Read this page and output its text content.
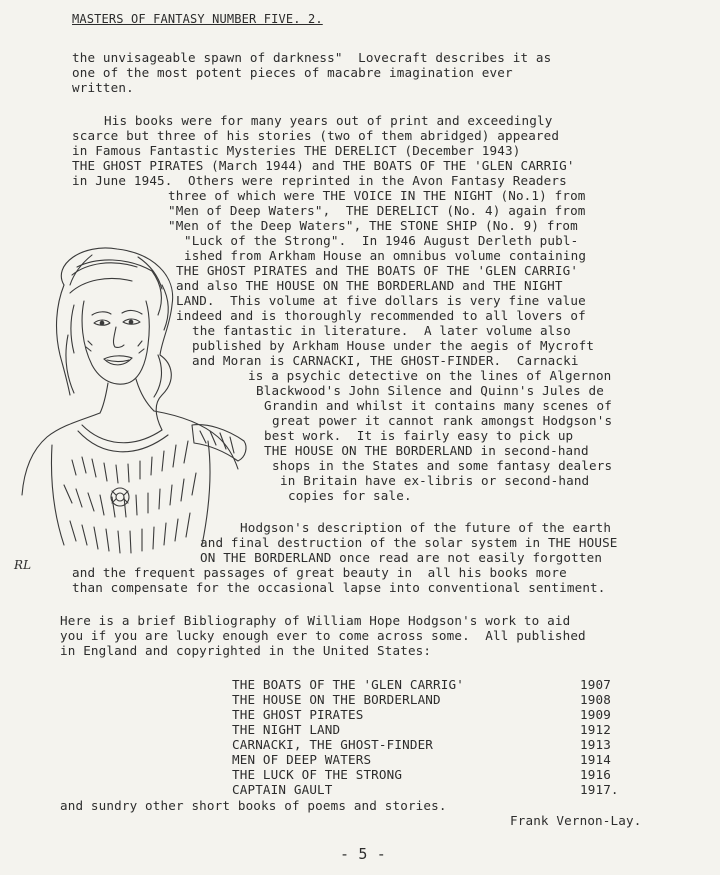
MASTERS OF FANTASY NUMBER FIVE. 2.
the unvisageable spawn of darkness"  Lovecraft describes it as
one of the most potent pieces of macabre imagination ever
written.
His books were for many years out of print and exceedingly
scarce but three of his stories (two of them abridged) appeared
in Famous Fantastic Mysteries THE DERELICT (December 1943)
THE GHOST PIRATES (March 1944) and THE BOATS OF THE 'GLEN CARRIG'
in June 1945.  Others were reprinted in the Avon Fantasy Readers
three of which were THE VOICE IN THE NIGHT (No.1) from
"Men of Deep Waters",  THE DERELICT (No. 4) again from
"Men of the Deep Waters", THE STONE SHIP (No. 9) from
"Luck of the Strong".  In 1946 August Derleth publ-
ished from Arkham House an omnibus volume containing
THE GHOST PIRATES and THE BOATS OF THE 'GLEN CARRIG'
and also THE HOUSE ON THE BORDERLAND and THE NIGHT
LAND.  This volume at five dollars is very fine value
indeed and is thoroughly recommended to all lovers of
the fantastic in literature.  A later volume also
published by Arkham House under the aegis of Mycroft
and Moran is CARNACKI, THE GHOST-FINDER.  Carnacki
is a psychic detective on the lines of Algernon
Blackwood's John Silence and Quinn's Jules de
Grandin and whilst it contains many scenes of
great power it cannot rank amongst Hodgson's
best work.  It is fairly easy to pick up
THE HOUSE ON THE BORDERLAND in second-hand
shops in the States and some fantasy dealers
in Britain have ex-libris or second-hand
copies for sale.
Hodgson's description of the future of the earth
and final destruction of the solar system in THE HOUSE
ON THE BORDERLAND once read are not easily forgotten
and the frequent passages of great beauty in  all his books more
than compensate for the occasional lapse into conventional sentiment.
Here is a brief Bibliography of William Hope Hodgson's work to aid
you if you are lucky enough ever to come across some.  All published
in England and copyrighted in the United States:
THE BOATS OF THE 'GLEN CARRIG'	1907
THE HOUSE ON THE BORDERLAND	1908
THE GHOST PIRATES	1909
THE NIGHT LAND	1912
CARNACKI, THE GHOST-FINDER	1913
MEN OF DEEP WATERS	1914
THE LUCK OF THE STRONG	1916
CAPTAIN GAULT	1917.
and sundry other short books of poems and stories.
Frank Vernon-Lay.
- 5 -
RL
